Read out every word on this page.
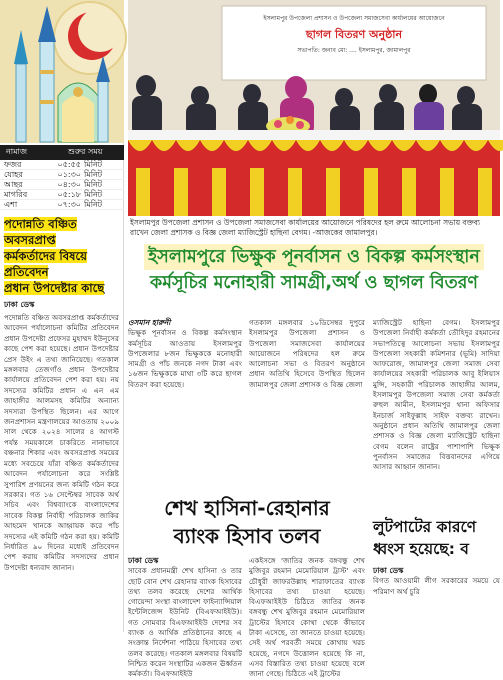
নামাজ	শুরুর সময়
ফজর	০৫:৫৫ মিনিট
যোহর	০১:৩০ মিনিট
আছর	০৪:৩০ মিনিট
মাগরিব	০৫:১৮ মিনিট
এশা	০৭:৩০ মিনিট
পদোন্নতি বঞ্চিত অবসরপ্রাপ্ত
কর্মকর্তাদের বিষয়ে প্রতিবেদন
প্রধান উপদেষ্টার কাছে
ঢাকা ডেস্ক
পদোন্নতি বঞ্চিত অবসরপ্রাপ্ত কর্মকর্তাদের আবেদন পর্যালোচনা কমিটির প্রতিবেদন প্রধান উপদেষ্টা প্রফেসর মুহাম্মদ ইউনূসের কাছে পেশ করা হয়েছে। প্রধান উপদেষ্টার প্রেস উইং এ তথ্য জানিয়েছে। গতকাল মঙ্গলবার তেজগাঁও প্রধান উপদেষ্টার কার্যালয়ে প্রতিবেদন পেশ করা হয়। নয় সদস্যের কমিটির প্রধান এ এন এম জাহাঙ্গীর আলমসহ কমিটির অন্যান্য সদস্যরা উপস্থিত ছিলেন। এর আগে জনপ্রশাসন মন্ত্রণালয়ের আওতায় ২০০৯ সাল থেকে ২০২৪ সালের ৪ আগস্ট পর্যন্ত সময়কালে চাকরিতে নানাভাবে বঞ্চনার শিকার এবং অবসরপ্রাপ্ত সময়ের মধ্যে সবচেয়ে যাঁরা বঞ্চিত কর্মকর্তাদের আবেদন পর্যালোচনা করে সংশ্লিষ্ট সুপারিশ প্রণয়নের জন্য কমিটি গঠন করে সরকার। গত ১৬ সেপ্টেম্বর সাবেক অর্থ সচিব এবং বিশ্বব্যাংকে বাংলাদেশের সাবেক বিকল্প নির্বাহী পরিচালক জাকির আহমেদ খানকে আহ্বায়ক করে পাঁচ সদস্যের এই কমিটি গঠন করা হয়। কমিটি নির্ধারিত ৯০ দিনের মধ্যেই প্রতিবেদন পেশ করায় কমিটির সদস্যদের প্রধান উপদেষ্টা ধন্যবাদ জানান।
ইসলামপুর উপজেলা প্রশাসন ও উপজেলা সমাজসেবা কার্যালয়ের আয়োজনে
ছাগল বিতরণ অনুষ্ঠান
সভাপতি: জনাব মো: .... ইসলামপুর, জামালপুর
ইসলামপুর উপজেলা প্রশাসন ও উপজেলা সমাজসেবা কার্যালয়ের আয়োজনে পরিষদের হল রুমে আলোচনা সভায় বক্তব্য রাখেন জেলা প্রশাসক ও বিজ্ঞ জেলা ম্যাজিস্ট্রেট হাছিনা বেগম। -আজকের জামালপুর।
ইসলামপুরে ভিক্ষুক পূনর্বাসন ও বিকল্প কর্মসংস্থান
কর্মসূচির মনোহারী সামগ্রী,অর্থ ও ছাগল বিতরণ
ওসমান হারুনী
ভিক্ষুক পূনর্বাসন ও বিকল্প কর্মসংস্থান কর্মসূচির আওতায় ইসলামপুর উপজেলার ৮জন ভিক্ষুককে মনোহারী সামগ্রী ও পাঁচ জনকে নগদ টাকা এবং ১৬জন ভিক্ষুককে মাথা ৩টি করে ছাগল বিতরণ করা হয়েছে।
গতকাল মঙ্গলবার ১০ডিসেম্বর দুপুরে ইসলামপুর উপজেলা প্রশাসন ও উপজেলা সমাজসেবা কার্যালয়ের আয়োজনে পরিষদের হল রুমে আলোচনা সভা ও বিতরণ অনুষ্ঠানে প্রধান অতিথি হিসেবে উপস্থিত ছিলেন জামালপুর জেলা প্রশাসক ও বিজ্ঞ জেলা
ম্যাজিস্ট্রেট হাছিনা বেগম। ইসলামপুর উপজেলা নির্বাহী কর্মকর্তা তৌহিদুর রহমানের সভাপতিত্বে আলোচনা সভায় ইসলামপুর উপজেলা সহকারী কমিশনার (ভূমি) সাদিয়া আফরোজ, জামালপুর জেলা সমাজ সেবা কার্যালয়ের সহকারী পরিচালক আবু ইলিয়াস মুন্সি, সহকারী পরিচালক জাহাঙ্গীর আলম, ইসলামপুর উপজেলা সমাজ সেবা কর্মকর্তা রুহুল আমীন, ইসলামপুর থানা অফিসার ইনচার্জ সাইফুল্লাহ সাইফ বক্তব্য রাখেন। অনুষ্ঠানে প্রধান অতিথি জামালপুর জেলা প্রশাসক ও বিজ্ঞ জেলা ম্যাজিস্ট্রেট হাছিনা বেগম বলেন রাষ্ট্রের পাশাপাশি ভিক্ষুক পুনর্বাসন সমাজের বিত্তবানদের এগিয়ে আসার আহ্বান জানান।
শেখ হাসিনা-রেহানার
ব্যাংক হিসাব তলব
ঢাকা ডেস্ক
সাবেক প্রধানমন্ত্রী শেখ হাসিনা ও তার ছোট বোন শেখ রেহানার ব্যাংক হিসাবের তথ্য তলব করেছে দেশের আর্থিক গোয়েন্দা সংস্থা বাংলাদেশ ফাইন্যান্সিয়াল ইন্টেলিজেন্স ইউনিট (বিএফআইইউ)। গত সোমবার বিএফআইইউ দেশের সব ব্যাংক ও আর্থিক প্রতিষ্ঠানের কাছে এ সংক্রান্ত নির্দেশনা পাঠিয়ে হিসাবের তথ্য তলব করেছে। গতকাল মঙ্গলবার বিষয়টি নিশ্চিত করেন সংস্থাটির একজন ঊর্ধ্বতন কর্মকর্তা। বিএফআইইউ
একইসঙ্গে 'জাতির জনক বঙ্গবন্ধু শেখ মুজিবুর রহমান মেমোরিয়াল ট্রাস্ট' এবং চৌধুরী জাফরউল্লাহ শারাফাতের ব্যাংক হিসাবের তথ্য চাওয়া হয়েছে। বিএফআইইউ চিঠিতে জাতির জনক বঙ্গবন্ধু শেখ মুজিবুর রহমান মেমোরিয়াল ট্রাস্টের হিসাবে কোথা থেকে কীভাবে টাকা এসেছে, তা জানতে চাওয়া হয়েছে। সেই অর্থ পরবর্তী সময়ে কোথায় খরচ হয়েছে, নগদে উত্তোলন হয়েছে কি না, এসব বিস্তারিত তথ্য চাওয়া হয়েছে বলে জানা গেছে। চিঠিতে এই ট্রাস্টের
লুটপাটের কারণে
ধ্বংস হয়েছে: ব
ঢাকা ডেস্ক
বিগত আওয়ামী লীগ সরকারের সময়ে যে পরিমাণ অর্থ চুরি
